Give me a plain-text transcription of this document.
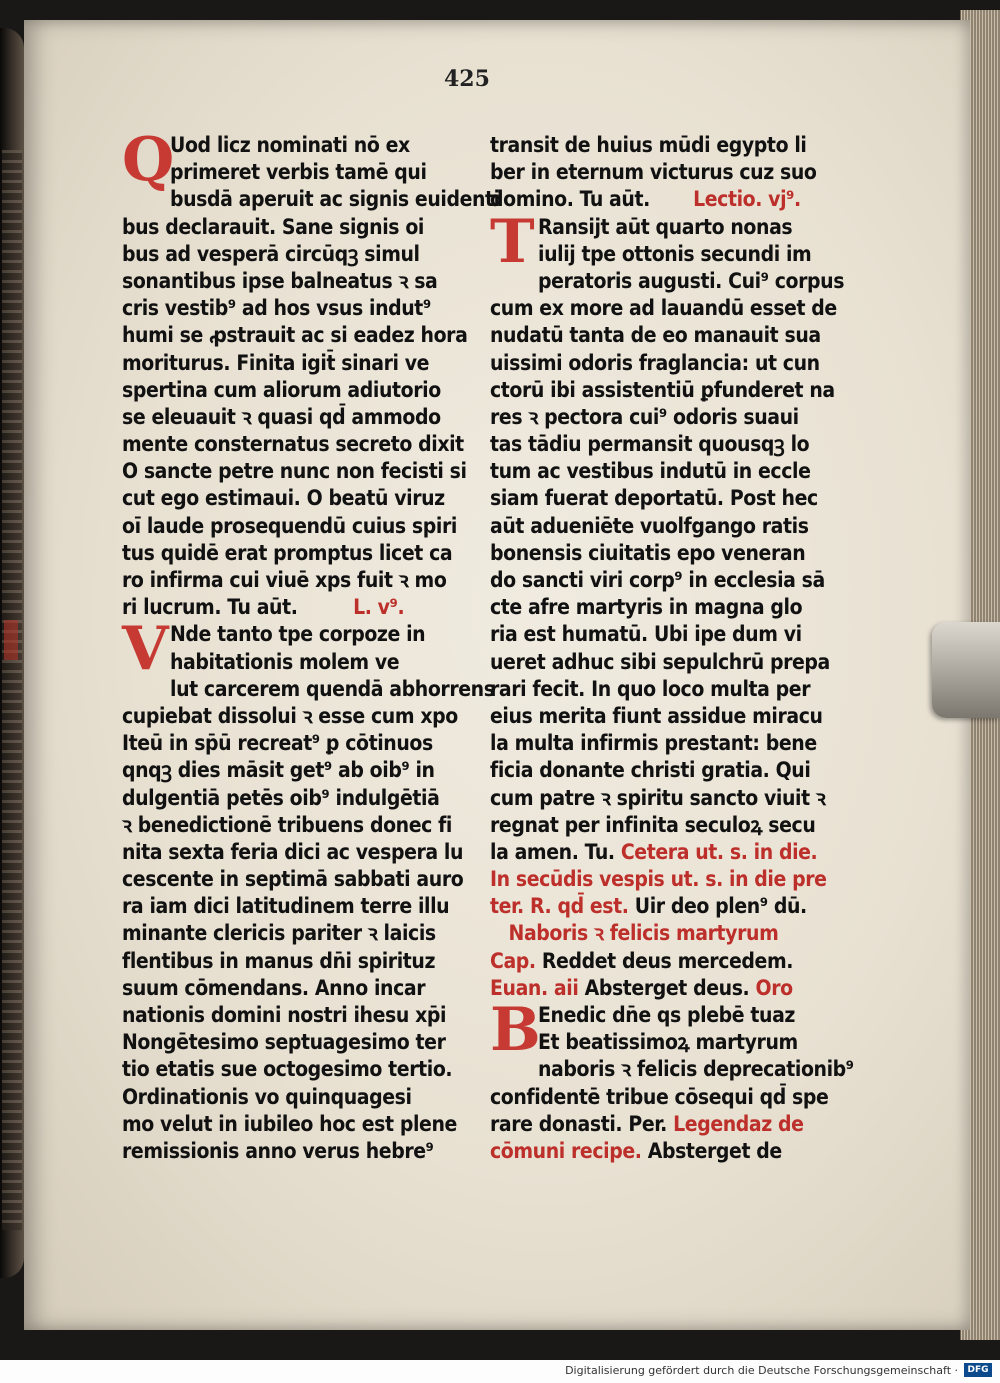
425
Q
Uod licz nominati nō ex
primeret verbis tamē qui
busdā aperuit ac signis euidenti
bus declarauit. Sane signis oi
bus ad vesperā circūqꝫ simul
sonantibus ipse balneatus ꝛ sa
cris vestib⁹ ad hos vsus indut⁹
humi se ꝓstrauit ac si eadez hora
moriturus. Finita igit̄ sinari ve
spertina cum aliorum adiutorio
se eleuauit ꝛ quasi qd̄ ammodo
mente consternatus secreto dixit
O sancte petre nunc non fecisti si
cut ego estimaui. O beatū viruz
oī laude prosequendū cuius spiri
tus quidē erat promptus licet ca
ro infirma cui viuē xps fuit ꝛ mo
ri lucrum. Tu aūt.	L. v⁹.
V Nde tanto tpe corpoze in
habitationis molem ve
lut carcerem quendā abhorrens
cupiebat dissolui ꝛ esse cum xpo
Iteū in sp̄ū recreat⁹ ꝑ cōtinuos
qnqꝫ dies māsit get⁹ ab oib⁹ in
dulgentiā petēs oib⁹ indulgētiā
ꝛ benedictionē tribuens donec fi
nita sexta feria dici ac vespera lu
cescente in septimā sabbati auro
ra iam dici latitudinem terre illu
minante clericis pariter ꝛ laicis
flentibus in manus dn̄i spirituz
suum cōmendans. Anno incar
nationis domini nostri ihesu xp̄i
Nongētesimo septuagesimo ter
tio etatis sue octogesimo tertio.
Ordinationis vo quinquagesi
mo velut in iubileo hoc est plene
remissionis anno verus hebre⁹
transit de huius mūdi egypto li
ber in eternum victurus cuz suo
domino. Tu aūt. Lectio. vj⁹.
T Ransijt aūt quarto nonas
iulij tpe ottonis secundi im
peratoris augusti. Cui⁹ corpus
cum ex more ad lauandū esset de
nudatū tanta de eo manauit sua
uissimi odoris fraglancia: ut cun
ctorū ibi assistentiū ꝑfunderet na
res ꝛ pectora cui⁹ odoris suaui
tas tādiu permansit quousqꝫ lo
tum ac vestibus indutū in eccle
siam fuerat deportatū. Post hec
aūt adueniēte vuolfgango ratis
bonensis ciuitatis epo veneran
do sancti viri corp⁹ in ecclesia sā
cte afre martyris in magna glo
ria est humatū. Ubi ipe dum vi
ueret adhuc sibi sepulchrū prepa
rari fecit. In quo loco multa per
eius merita fiunt assidue miracu
la multa infirmis prestant: bene
ficia donante christi gratia. Qui
cum patre ꝛ spiritu sancto viuit ꝛ
regnat per infinita seculoꝝ secu
la amen. Tu. Cetera ut. s. in die.
In secūdis vespis ut. s. in die pre
ter. R. qd̄ est. Uir deo plen⁹ dū.
Naboris ꝛ felicis martyrum
Cap. Reddet deus mercedem.
Euan. aii Absterget deus. Oro
B
Enedic dn̄e qs plebē tuaz
Et beatissimoꝝ martyrum
naboris ꝛ felicis deprecationib⁹
confidentē tribue cōsequi qd̄ spe
rare donasti. Per. Legendaz de
cōmuni recipe. Absterget de
Digitalisierung gefördert durch die Deutsche Forschungsgemeinschaft ·	DFG
